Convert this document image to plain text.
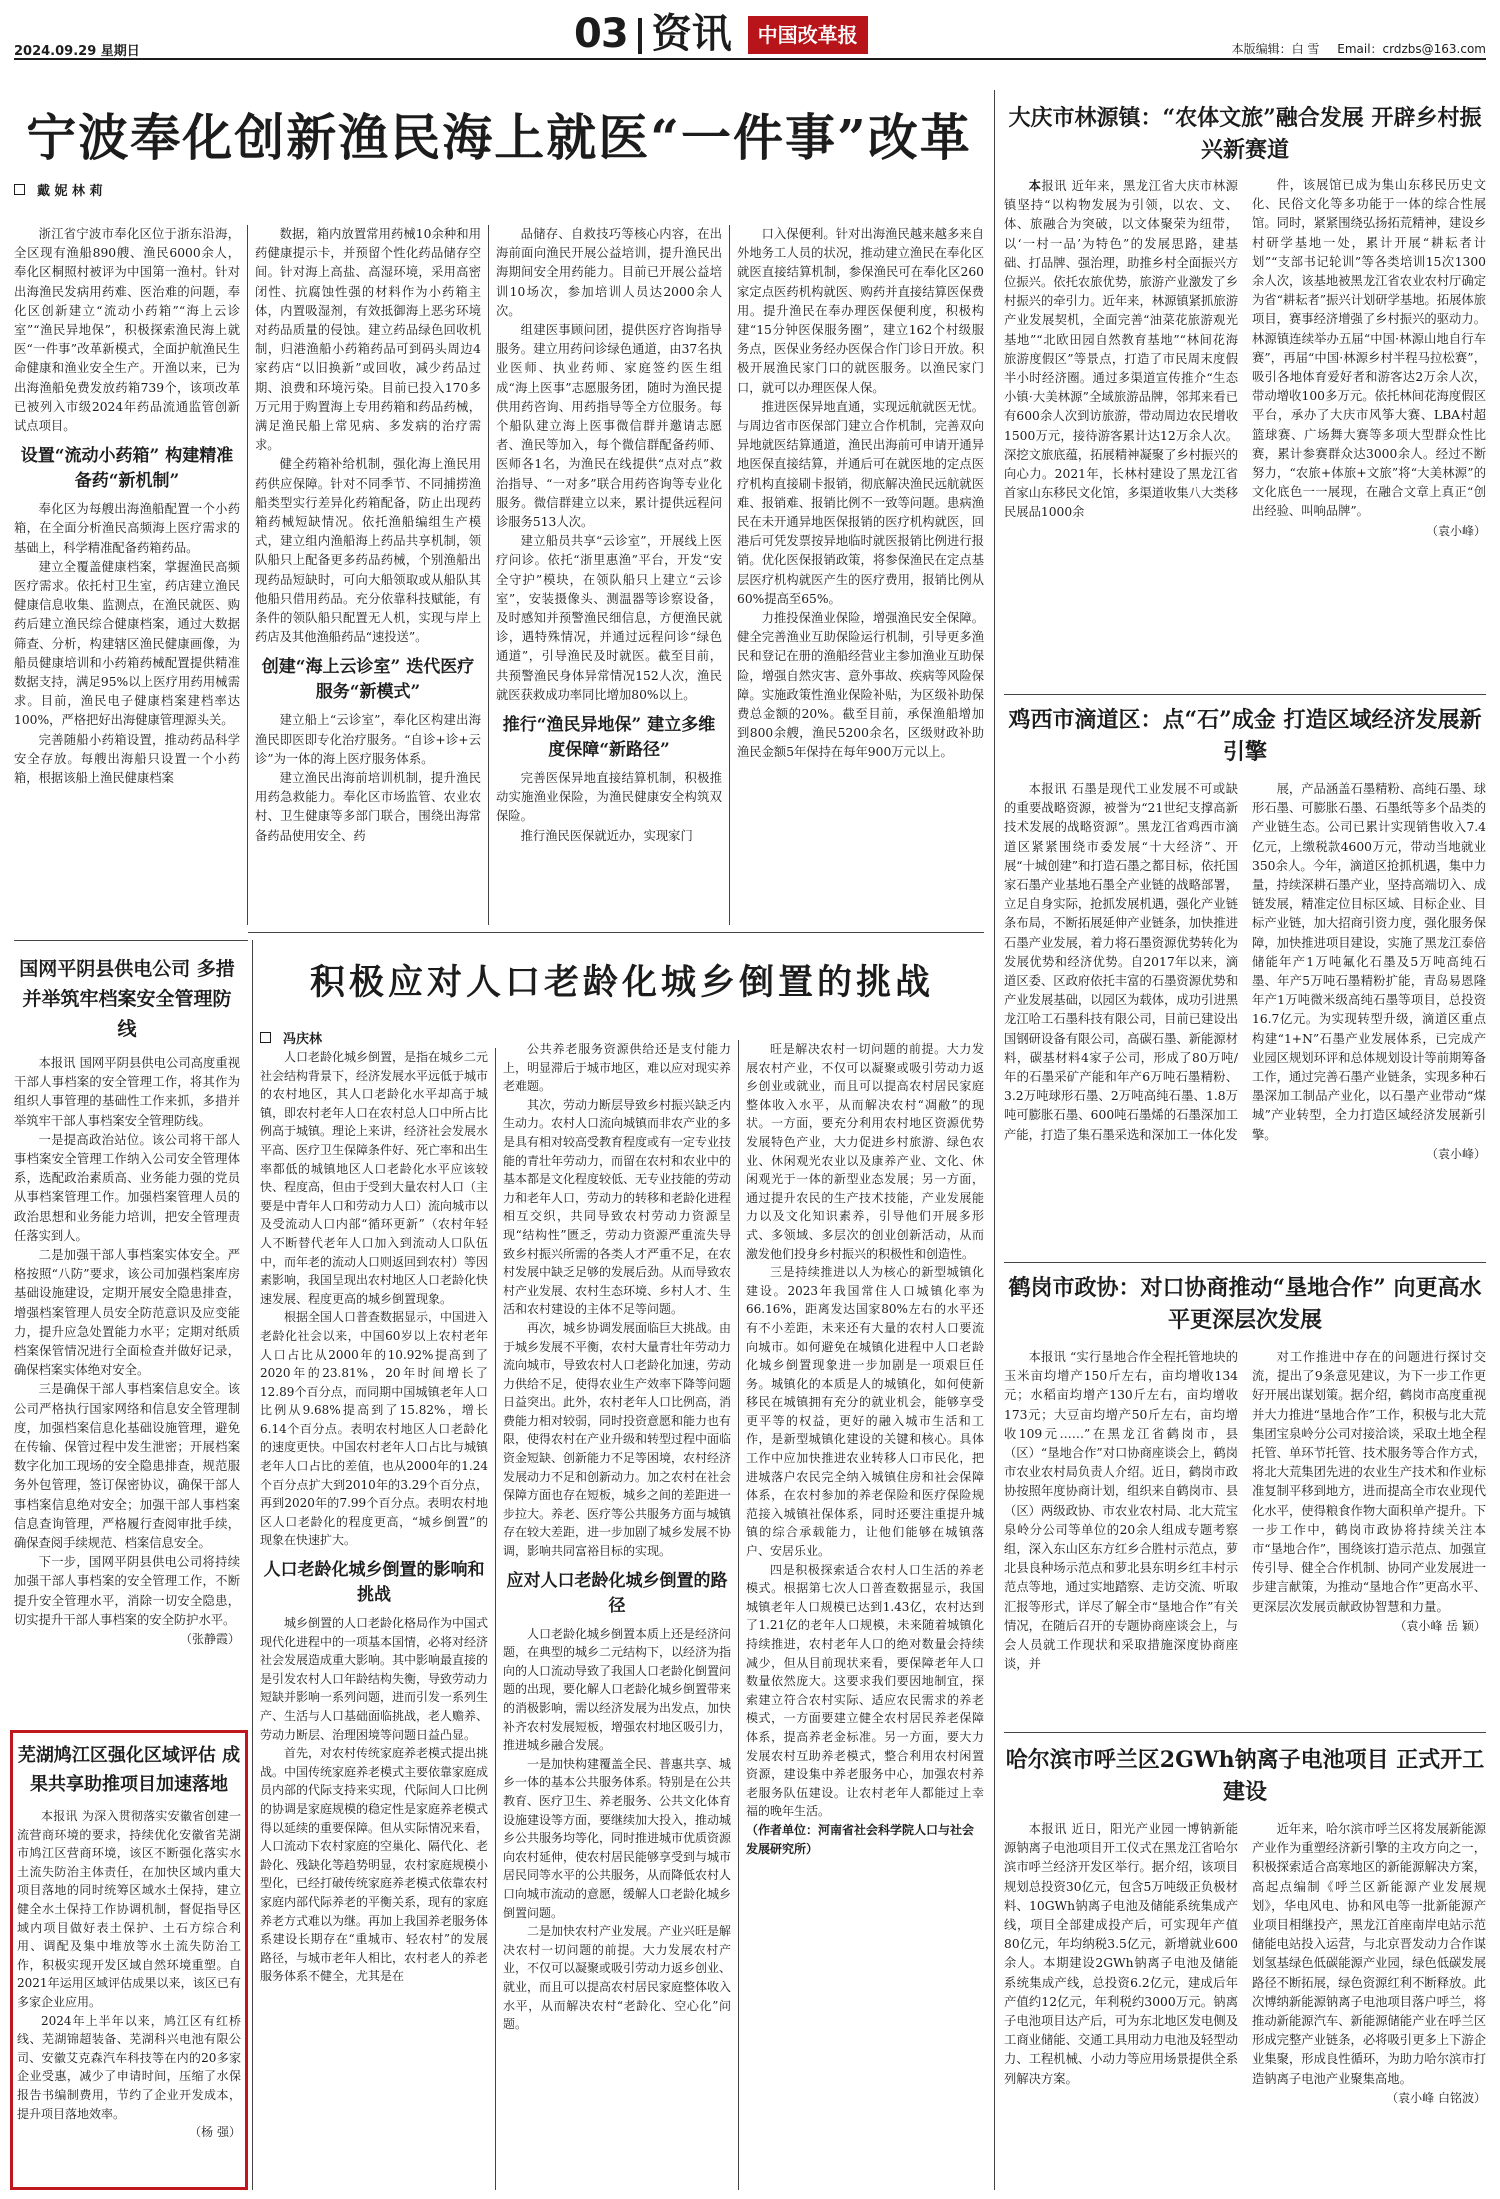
2024.09.29 星期日	03 资讯	中国改革报
本版编辑：白 雪 Email：crdzbs@163.com
宁波奉化创新渔民海上就医“一件事”改革
戴 妮 林 莉

浙江省宁波市奉化区位于浙东沿海，全区现有渔船890艘、渔民6000余人，奉化区桐照村被评为中国第一渔村。针对出海渔民发病用药难、医治难的问题，奉化区创新建立“流动小药箱”“海上云诊室”“渔民异地保”，积极探索渔民海上就医“一件事”改革新模式，全面护航渔民生命健康和渔业安全生产。开渔以来，已为出海渔船免费发放药箱739个，该项改革已被列入市级2024年药品流通监管创新试点项目。

设置“流动小药箱” 构建精准备药“新机制”

奉化区为每艘出海渔船配置一个小药箱，在全面分析渔民高频海上医疗需求的基础上，科学精准配备药箱药品。

建立全覆盖健康档案，掌握渔民高频医疗需求。依托村卫生室，药店建立渔民健康信息收集、监测点，在渔民就医、购药后建立渔民综合健康档案，通过大数据筛查、分析，构建辖区渔民健康画像，为船员健康培训和小药箱药械配置提供精准数据支持，满足95%以上医疗用药用械需求。目前，渔民电子健康档案建档率达100%，严格把好出海健康管理源头关。

完善随船小药箱设置，推动药品科学安全存放。每艘出海船只设置一个小药箱，根据该船上渔民健康档案

数据，箱内放置常用药械10余种和用药健康提示卡，并预留个性化药品储存空间。针对海上高盐、高湿环境，采用高密闭性、抗腐蚀性强的材料作为小药箱主体，内置吸湿剂，有效抵御海上恶劣环境对药品质量的侵蚀。建立药品绿色回收机制，归港渔船小药箱药品可到码头周边4家药店“以旧换新”或回收，减少药品过期、浪费和环境污染。目前已投入170多万元用于购置海上专用药箱和药品药械，满足渔民船上常见病、多发病的治疗需求。

健全药箱补给机制，强化海上渔民用药供应保障。针对不同季节、不同捕捞渔船类型实行差异化药箱配备，防止出现药箱药械短缺情况。依托渔船编组生产模式，建立组内渔船海上药品共享机制，领队船只上配备更多药品药械，个别渔船出现药品短缺时，可向大船领取或从船队其他船只借用药品。充分依靠科技赋能，有条件的领队船只配置无人机，实现与岸上药店及其他渔船药品“速投送”。

创建“海上云诊室” 迭代医疗服务“新模式”

建立船上“云诊室”，奉化区构建出海渔民即医即专化治疗服务。“自诊+诊+云诊”为一体的海上医疗服务体系。

建立渔民出海前培训机制，提升渔民用药急救能力。奉化区市场监管、农业农村、卫生健康等多部门联合，围绕出海常备药品使用安全、药

品储存、自救技巧等核心内容，在出海前面向渔民开展公益培训，提升渔民出海期间安全用药能力。目前已开展公益培训10场次，参加培训人员达2000余人次。

组建医事顾问团，提供医疗咨询指导服务。建立用药问诊绿色通道，由37名执业医师、执业药师、家庭签约医生组成“海上医事”志愿服务团，随时为渔民提供用药咨询、用药指导等全方位服务。每个船队建立海上医事微信群并邀请志愿者、渔民等加入，每个微信群配备药师、医师各1名，为渔民在线提供“点对点”救治指导、“一对多”联合用药咨询等专业化服务。微信群建立以来，累计提供远程问诊服务513人次。

建立船员共享“云诊室”，开展线上医疗问诊。依托“浙里惠渔”平台，开发“安全守护”模块，在领队船只上建立“云诊室”，安装摄像头、测温器等诊察设备，及时感知并预警渔民细信息，方便渔民就诊，遇特殊情况，并通过远程问诊“绿色通道”，引导渔民及时就医。截至目前，共预警渔民身体异常情况152人次，渔民就医获救成功率同比增加80%以上。

推行“渔民异地保” 建立多维度保障“新路径”

完善医保异地直接结算机制，积极推动实施渔业保险，为渔民健康安全构筑双保险。

推行渔民医保就近办，实现家门

口入保便利。针对出海渔民越来越多来自外地务工人员的状况，推动建立渔民在奉化区就医直接结算机制，参保渔民可在奉化区260家定点医药机构就医、购药并直接结算医保费用。提升渔民在奉办理医保便利度，积极构建“15分钟医保服务圈”，建立162个村级服务点，医保业务经办医保合作门诊日开放。积极开展渔民家门口的就医服务。以渔民家门口，就可以办理医保人保。

推进医保异地直通，实现远航就医无忧。与周边省市医保部门建立合作机制，完善双向异地就医结算通道，渔民出海前可申请开通异地医保直接结算，并通后可在就医地的定点医疗机构直接刷卡报销，彻底解决渔民远航就医难、报销难、报销比例不一致等问题。患病渔民在未开通异地医保报销的医疗机构就医，回港后可凭发票按异地临时就医报销比例进行报销。优化医保报销政策，将参保渔民在定点基层医疗机构就医产生的医疗费用，报销比例从60%提高至65%。

力推投保渔业保险，增强渔民安全保障。健全完善渔业互助保险运行机制，引导更多渔民和登记在册的渔船经营业主参加渔业互助保险，增强自然灾害、意外事故、疾病等风险保障。实施政策性渔业保险补贴，为区级补助保费总金额的20%。截至目前，承保渔船增加到800余艘，渔民5200余名，区级财政补助渔民金额5年保持在每年900万元以上。

国网平阴县供电公司 多措并举筑牢档案安全管理防线

本报讯 国网平阴县供电公司高度重视干部人事档案的安全管理工作，将其作为组织人事管理的基础性工作来抓，多措并举筑牢干部人事档案安全管理防线。

一是提高政治站位。该公司将干部人事档案安全管理工作纳入公司安全管理体系，选配政治素质高、业务能力强的党员从事档案管理工作。加强档案管理人员的政治思想和业务能力培训，把安全管理责任落实到人。

二是加强干部人事档案实体安全。严格按照“八防”要求，该公司加强档案库房基础设施建设，定期开展安全隐患排查，增强档案管理人员安全防范意识及应变能力，提升应急处置能力水平；定期对纸质档案保管情况进行全面检查并做好记录，确保档案实体绝对安全。

三是确保干部人事档案信息安全。该公司严格执行国家网络和信息安全管理制度，加强档案信息化基础设施管理，避免在传输、保管过程中发生泄密；开展档案数字化加工现场的安全隐患排查，规范服务外包管理，签订保密协议，确保干部人事档案信息绝对安全；加强干部人事档案信息查询管理，严格履行查阅审批手续，确保查阅手续规范、档案信息安全。

下一步，国网平阴县供电公司将持续加强干部人事档案的安全管理工作，不断提升安全管理水平，消除一切安全隐患，切实提升干部人事档案的安全防护水平。

（张静霞）
芜湖鸠江区强化区域评估 成果共享助推项目加速落地

本报讯 为深入贯彻落实安徽省创建一流营商环境的要求，持续优化安徽省芜湖市鸠江区营商环境，该区不断强化落实水土流失防治主体责任，在加快区域内重大项目落地的同时统筹区域水土保持，建立健全水土保持工作协调机制，督促指导区域内项目做好表土保护、土石方综合利用、调配及集中堆放等水土流失防治工作，积极实现开发区域自然环境重塑。自2021年运用区域评估成果以来，该区已有多家企业应用。

2024年上半年以来，鸠江区有红桥线、芜湖锦超装备、芜湖科兴电池有限公司、安徽艾克森汽车科技等在内的20多家企业受惠，减少了申请时间，压缩了水保报告书编制费用，节约了企业开发成本，提升项目落地效率。

（杨 强）
积极应对人口老龄化城乡倒置的挑战
冯庆林

人口老龄化城乡倒置，是指在城乡二元社会结构背景下，经济发展水平远低于城市的农村地区，其人口老龄化水平却高于城镇，即农村老年人口在农村总人口中所占比例高于城镇。理论上来讲，经济社会发展水平高、医疗卫生保障条件好、死亡率和出生率都低的城镇地区人口老龄化水平应该较快、程度高，但由于受到大量农村人口（主要是中青年人口和劳动力人口）流向城市以及受流动人口内部“循环更新”（农村年轻人不断替代老年人口加入到流动人口队伍中，而年老的流动人口则返回到农村）等因素影响，我国呈现出农村地区人口老龄化快速发展、程度更高的城乡倒置现象。

根据全国人口普查数据显示，中国进入老龄化社会以来，中国60岁以上农村老年人口占比从2000年的10.92%提高到了2020年的23.81%，20年时间增长了12.89个百分点，而同期中国城镇老年人口比例从9.68%提高到了15.82%，增长6.14个百分点。表明农村地区人口老龄化的速度更快。中国农村老年人口占比与城镇老年人口占比的差值，也从2000年的1.24个百分点扩大到2010年的3.29个百分点，再到2020年的7.99个百分点。表明农村地区人口老龄化的程度更高，“城乡倒置”的现象在快速扩大。

人口老龄化城乡倒置的影响和挑战

城乡倒置的人口老龄化格局作为中国式现代化进程中的一项基本国情，必将对经济社会发展造成重大影响。其中影响最直接的是引发农村人口年龄结构失衡，导致劳动力短缺并影响一系列问题，进而引发一系列生产、生活与人口基础面临挑战，老人赡养、劳动力断层、治理困境等问题日益凸显。

首先，对农村传统家庭养老模式提出挑战。中国传统家庭养老模式主要依靠家庭成员内部的代际支持来实现，代际间人口比例的协调是家庭规模的稳定性是家庭养老模式得以延续的重要保障。但从实际情况来看，人口流动下农村家庭的空巢化、隔代化、老龄化、残缺化等趋势明显，农村家庭规模小型化，已经打破传统家庭养老模式依靠农村家庭内部代际养老的平衡关系，现有的家庭养老方式难以为继。再加上我国养老服务体系建设长期存在“重城市、轻农村”的发展路径，与城市老年人相比，农村老人的养老服务体系不健全，尤其是在

公共养老服务资源供给还是支付能力上，明显滞后于城市地区，难以应对现实养老难题。

其次，劳动力断层导致乡村振兴缺乏内生动力。农村人口流向城镇而非农产业的多是具有相对较高受教育程度或有一定专业技能的青壮年劳动力，而留在农村和农业中的基本都是文化程度较低、无专业技能的劳动力和老年人口，劳动力的转移和老龄化进程相互交织，共同导致农村劳动力资源呈现“结构性”匮乏，劳动力资源严重流失导致乡村振兴所需的各类人才严重不足，在农村发展中缺乏足够的发展后劲。从而导致农村产业发展、农村生态环境、乡村人才、生活和农村建设的主体不足等问题。

再次，城乡协调发展面临巨大挑战。由于城乡发展不平衡，农村大量青壮年劳动力流向城市，导致农村人口老龄化加速，劳动力供给不足，使得农业生产效率下降等问题日益突出。此外，农村老年人口比例高，消费能力相对较弱，同时投资意愿和能力也有限，使得农村在产业升级和转型过程中面临资金短缺、创新能力不足等困境，农村经济发展动力不足和创新动力。加之农村在社会保障方面也存在短板，城乡之间的差距进一步拉大。养老、医疗等公共服务方面与城镇存在较大差距，进一步加剧了城乡发展不协调，影响共同富裕目标的实现。

应对人口老龄化城乡倒置的路径

人口老龄化城乡倒置本质上还是经济问题，在典型的城乡二元结构下，以经济为指向的人口流动导致了我国人口老龄化倒置问题的出现，要化解人口老龄化城乡倒置带来的消极影响，需以经济发展为出发点，加快补齐农村发展短板，增强农村地区吸引力，推进城乡融合发展。

一是加快构建覆盖全民、普惠共享、城乡一体的基本公共服务体系。特别是在公共教育、医疗卫生、养老服务、公共文化体育设施建设等方面，要继续加大投入，推动城乡公共服务均等化，同时推进城市优质资源向农村延伸，使农村居民能够享受到与城市居民同等水平的公共服务，从而降低农村人口向城市流动的意愿，缓解人口老龄化城乡倒置问题。

二是加快农村产业发展。产业兴旺是解决农村一切问题的前提。大力发展农村产业，不仅可以凝聚或吸引劳动力返乡创业、就业，而且可以提高农村居民家庭整体收入水平，从而解决农村“老龄化、空心化”问题。

旺是解决农村一切问题的前提。大力发展农村产业，不仅可以凝聚或吸引劳动力返乡创业或就业，而且可以提高农村居民家庭整体收入水平，从而解决农村“凋敝”的现状。一方面，要充分利用农村地区资源优势发展特色产业，大力促进乡村旅游、绿色农业、休闲观光农业以及康养产业、文化、休闲观光于一体的新型业态发展；另一方面，通过提升农民的生产技术技能，产业发展能力以及文化知识素养，引导他们开展多形式、多领域、多层次的创业创新活动，从而激发他们投身乡村振兴的积极性和创造性。

三是持续推进以人为核心的新型城镇化建设。2023年我国常住人口城镇化率为66.16%，距离发达国家80%左右的水平还有不小差距，未来还有大量的农村人口要流向城市。如何避免在城镇化进程中人口老龄化城乡倒置现象进一步加剧是一项艰巨任务。城镇化的本质是人的城镇化，如何使新移民在城镇拥有充分的就业机会，能够享受更平等的权益，更好的融入城市生活和工作，是新型城镇化建设的关键和核心。具体工作中应加快推进农业转移人口市民化，把进城落户农民完全纳入城镇住房和社会保障体系，在农村参加的养老保险和医疗保险规范接入城镇社保体系，同时还要注重提升城镇的综合承载能力，让他们能够在城镇落户、安居乐业。

四是积极探索适合农村人口生活的养老模式。根据第七次人口普查数据显示，我国城镇老年人口规模已达到1.43亿，农村达到了1.21亿的老年人口规模，未来随着城镇化持续推进，农村老年人口的绝对数量会持续减少，但从目前现状来看，要保障老年人口数量依然庞大。这要求我们要因地制宜，探索建立符合农村实际、适应农民需求的养老模式，一方面要建立健全农村居民养老保障体系，提高养老金标准。另一方面，要大力发展农村互助养老模式，整合利用农村闲置资源，建设集中养老服务中心，加强农村养老服务队伍建设。让农村老年人都能过上幸福的晚年生活。

（作者单位：河南省社会科学院人口与社会发展研究所）
大庆市林源镇：“农体文旅”融合发展 开辟乡村振兴新赛道

本报讯 近年来，黑龙江省大庆市林源镇坚持“以构物发展为引领，以农、文、体、旅融合为突破，以文体聚荣为纽带，以‘一村一品’为特色”的发展思路，建基础、打品牌、强治理，助推乡村全面振兴方位振兴。依托农旅优势，旅游产业激发了乡村振兴的牵引力。近年来，林源镇紧抓旅游产业发展契机，全面完善“油菜花旅游观光基地”“北欧田园自然教育基地”“林间花海旅游度假区”等景点，打造了市民周末度假半小时经济圈。通过多渠道宣传推介“生态小镇·大美林源”全域旅游品牌，邻邦来看已有600余人次到访旅游，带动周边农民增收1500万元，接待游客累计达12万余人次。深挖文旅底蕴，拓展精神凝聚了乡村振兴的向心力。2021年，长林村建设了黑龙江省首家山东移民文化馆，多渠道收集八大类移民展品1000余

件，该展馆已成为集山东移民历史文化、民俗文化等多功能于一体的综合性展馆。同时，紧紧围绕弘扬拓荒精神，建设乡村研学基地一处，累计开展“耕耘者计划”“支部书记轮训”等各类培训15次1300余人次，该基地被黑龙江省农业农村厅确定为省“耕耘者”振兴计划研学基地。拓展体旅项目，赛事经济增强了乡村振兴的驱动力。林源镇连续举办五届“中国·林源山地自行车赛”，再届“中国·林源乡村半程马拉松赛”，吸引各地体育爱好者和游客达2万余人次，带动增收100多万元。依托林间花海度假区平台，承办了大庆市风筝大赛、LBA村超篮球赛、广场舞大赛等多项大型群众性比赛，累计参赛群众达3000余人。经过不断努力，“农旅+体旅+文旅”将“大美林源”的文化底色一一展现，在融合文章上真正“创出经验、叫响品牌”。

（袁小峰）
鸡西市滴道区：点“石”成金 打造区域经济发展新引擎

本报讯 石墨是现代工业发展不可或缺的重要战略资源，被誉为“21世纪支撑高新技术发展的战略资源”。黑龙江省鸡西市滴道区紧紧围绕市委发展“十大经济”、开展“十城创建”和打造石墨之都目标，依托国家石墨产业基地石墨全产业链的战略部署，立足自身实际，抢抓发展机遇，强化产业链条布局，不断拓展延伸产业链条，加快推进石墨产业发展，着力将石墨资源优势转化为发展优势和经济优势。自2017年以来，滴道区委、区政府依托丰富的石墨资源优势和产业发展基础，以园区为载体，成功引进黑龙江哈工石墨科技有限公司，目前已建设出国钢研设备有限公司，高碳石墨、新能源材料，碳基材料4家子公司，形成了80万吨/年的石墨采矿产能和年产6万吨石墨精粉、3.2万吨球形石墨、2万吨高纯石墨、1.8万吨可膨胀石墨、600吨石墨烯的石墨深加工产能，打造了集石墨采选和深加工一体化发

展，产品涵盖石墨精粉、高纯石墨、球形石墨、可膨胀石墨、石墨纸等多个品类的产业链生态。公司已累计实现销售收入7.4亿元，上缴税款4600万元，带动当地就业350余人。今年，滴道区抢抓机遇，集中力量，持续深耕石墨产业，坚持高端切入、成链发展，精准定位目标区域、目标企业、目标产业链，加大招商引资力度，强化服务保障，加快推进项目建设，实施了黑龙江泰倍储能年产1万吨氟化石墨及5万吨高纯石墨、年产5万吨石墨精粉扩能，青岛易恩隆年产1万吨微米级高纯石墨等项目，总投资16.7亿元。为实现转型升级，滴道区重点构建“1+N”石墨产业发展体系，已完成产业园区规划环评和总体规划设计等前期筹备工作，通过完善石墨产业链条，实现多种石墨深加工制品产业化，以石墨产业带动“煤城”产业转型，全力打造区域经济发展新引擎。

（袁小峰）
鹤岗市政协：对口协商推动“垦地合作” 向更高水平更深层次发展

本报讯 “实行垦地合作全程托管地块的玉米亩均增产150斤左右，亩均增收134元；水稻亩均增产130斤左右，亩均增收173元；大豆亩均增产50斤左右，亩均增收109元……”在黑龙江省鹤岗市，县（区）“垦地合作”对口协商座谈会上，鹤岗市农业农村局负责人介绍。近日，鹤岗市政协按照年度协商计划，组织来自鹤岗市、县（区）两级政协、市农业农村局、北大荒宝泉岭分公司等单位的20余人组成专题考察组，深入东山区东方红乡合胜村示范点，萝北县良种场示范点和萝北县东明乡红丰村示范点等地，通过实地踏察、走访交流、听取汇报等形式，详尽了解全市“垦地合作”有关情况，在随后召开的专题协商座谈会上，与会人员就工作现状和采取措施深度协商座谈，并

对工作推进中存在的问题进行探讨交流，提出了9条意见建议，为下一步工作更好开展出谋划策。据介绍，鹤岗市高度重视并大力推进“垦地合作”工作，积极与北大荒集团宝泉岭分公司对接洽谈，采取土地全程托管、单环节托管、技术服务等合作方式，将北大荒集团先进的农业生产技术和作业标准复制平移到地方，进而提高全市农业现代化水平，使得粮食作物大面积单产提升。下一步工作中，鹤岗市政协将持续关注本市“垦地合作”，围绕该打造示范点、加强宣传引导、健全合作机制、协同产业发展进一步建言献策，为推动“垦地合作”更高水平、更深层次发展贡献政协智慧和力量。

（袁小峰 岳 颖）
哈尔滨市呼兰区2GWh钠离子电池项目 正式开工建设

本报讯 近日，阳光产业园一博钠新能源钠离子电池项目开工仪式在黑龙江省哈尔滨市呼兰经济开发区举行。据介绍，该项目规划总投资30亿元，包含5万吨级正负极材料、10GWh钠离子电池及储能系统集成产线，项目全部建成投产后，可实现年产值80亿元，年均纳税3.5亿元，新增就业600余人。本期建设2GWh钠离子电池及储能系统集成产线，总投资6.2亿元，建成后年产值约12亿元，年利税约3000万元。钠离子电池项目达产后，可为东北地区发电侧及工商业储能、交通工具用动力电池及轻型动力、工程机械、小动力等应用场景提供全系列解决方案。

近年来，哈尔滨市呼兰区将发展新能源产业作为重塑经济新引擎的主攻方向之一，积极探索适合高寒地区的新能源解决方案，高起点编制《呼兰区新能源产业发展规划》，华电风电、协和风电等一批新能源产业项目相继投产，黑龙江首座南岸电站示范储能电站投入运营，与北京晋发动力合作谋划氢基绿色低碳能源产业园，绿色低碳发展路径不断拓展，绿色资源红利不断释放。此次博纳新能源钠离子电池项目落户呼兰，将推动新能源汽车、新能源储能产业在呼兰区形成完整产业链条，必将吸引更多上下游企业集聚，形成良性循环，为助力哈尔滨市打造钠离子电池产业聚集高地。

（袁小峰 白铭波）
